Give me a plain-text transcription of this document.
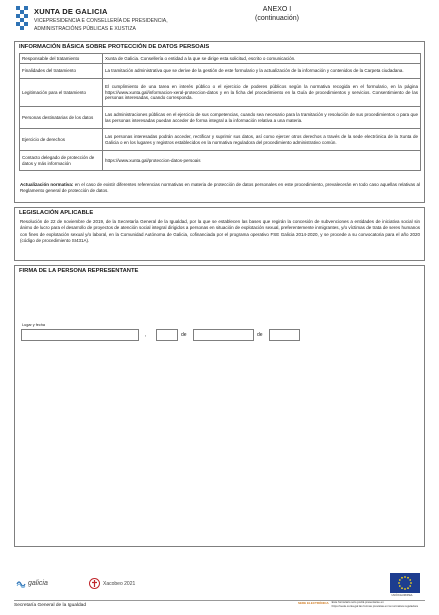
XUNTA DE GALICIA
VICEPRESIDENCIA E CONSELLERÍA DE PRESIDENCIA,
ADMINISTRACIÓNS PÚBLICAS E XUSTIZA
ANEXO I
(continuación)
INFORMACIÓN BÁSICA SOBRE PROTECCIÓN DE DATOS PERSOAIS
Responsable del tratamiento	Xunta de Galicia. Consellería o entidad a la que se dirige esta solicitud, escrito o comunicación.
Finalidades del tratamiento	La tramitación administrativa que se derive de la gestión de este formulario y la actualización de la información y contenidos de la Carpeta ciudadana.
Legitimación para el tratamiento	El cumplimiento de una tarea en interés público o el ejercicio de poderes públicos según la normativa recogida en el formulario, en la página https://www.xunta.gal/informacion-xeral-proteccion-datos y en la ficha del procedimiento en la Guía de procedimientos y servicios. Consentimiento de las personas interesadas, cuando corresponda.
Personas destinatarias de los datos	Las administraciones públicas en el ejercicio de sus competencias, cuando sea necesario para la tramitación y resolución de sus procedimientos o para que las personas interesadas puedan acceder de forma integral a la información relativa a una materia.
Ejercicio de derechos	Las personas interesadas podrán acceder, rectificar y suprimir sus datos, así como ejercer otros derechos a través de la sede electrónica de la Xunta de Galicia o en los lugares y registros establecidos en la normativa reguladora del procedimiento administrativo común.
Contacto delegado de protección de datos y más información	https://www.xunta.gal/proteccion-datos-persoais
Actualización normativa: en el caso de existir diferentes referencias normativas en materia de protección de datos personales en este procedimiento, prevalecerán en todo caso aquellas relativas al Reglamento general de protección de datos.
LEGISLACIÓN APLICABLE
Resolución de 22 de noviembre de 2019, de la Secretaría General de la Igualdad, por la que se establecen las bases que regirán la concesión de subvenciones a entidades de iniciativa social sin ánimo de lucro para el desarrollo de proyectos de atención social integral dirigidos a personas en situación de explotación sexual, preferentemente inmigrantes, y/o víctimas de trata de seres humanos con fines de explotación sexual y/o laboral, en la Comunidad Autónoma de Galicia, cofinanciada por el programa operativo FSE Galicia 2014-2020, y se procede a su convocatoria para el año 2020 (código de procedimiento SI431A).
FIRMA DE LA PERSONA REPRESENTANTE
Lugar y fecha
,	de	de
galicia	Xacobeo 2021
UNIÓN EUROPEA
Secretaría General de la Igualdad	SEDE ELECTRÓNICA Este formulario solo podrá presentarse en
https://sede.xunta.gal las formas previstas en la normativa reguladora
